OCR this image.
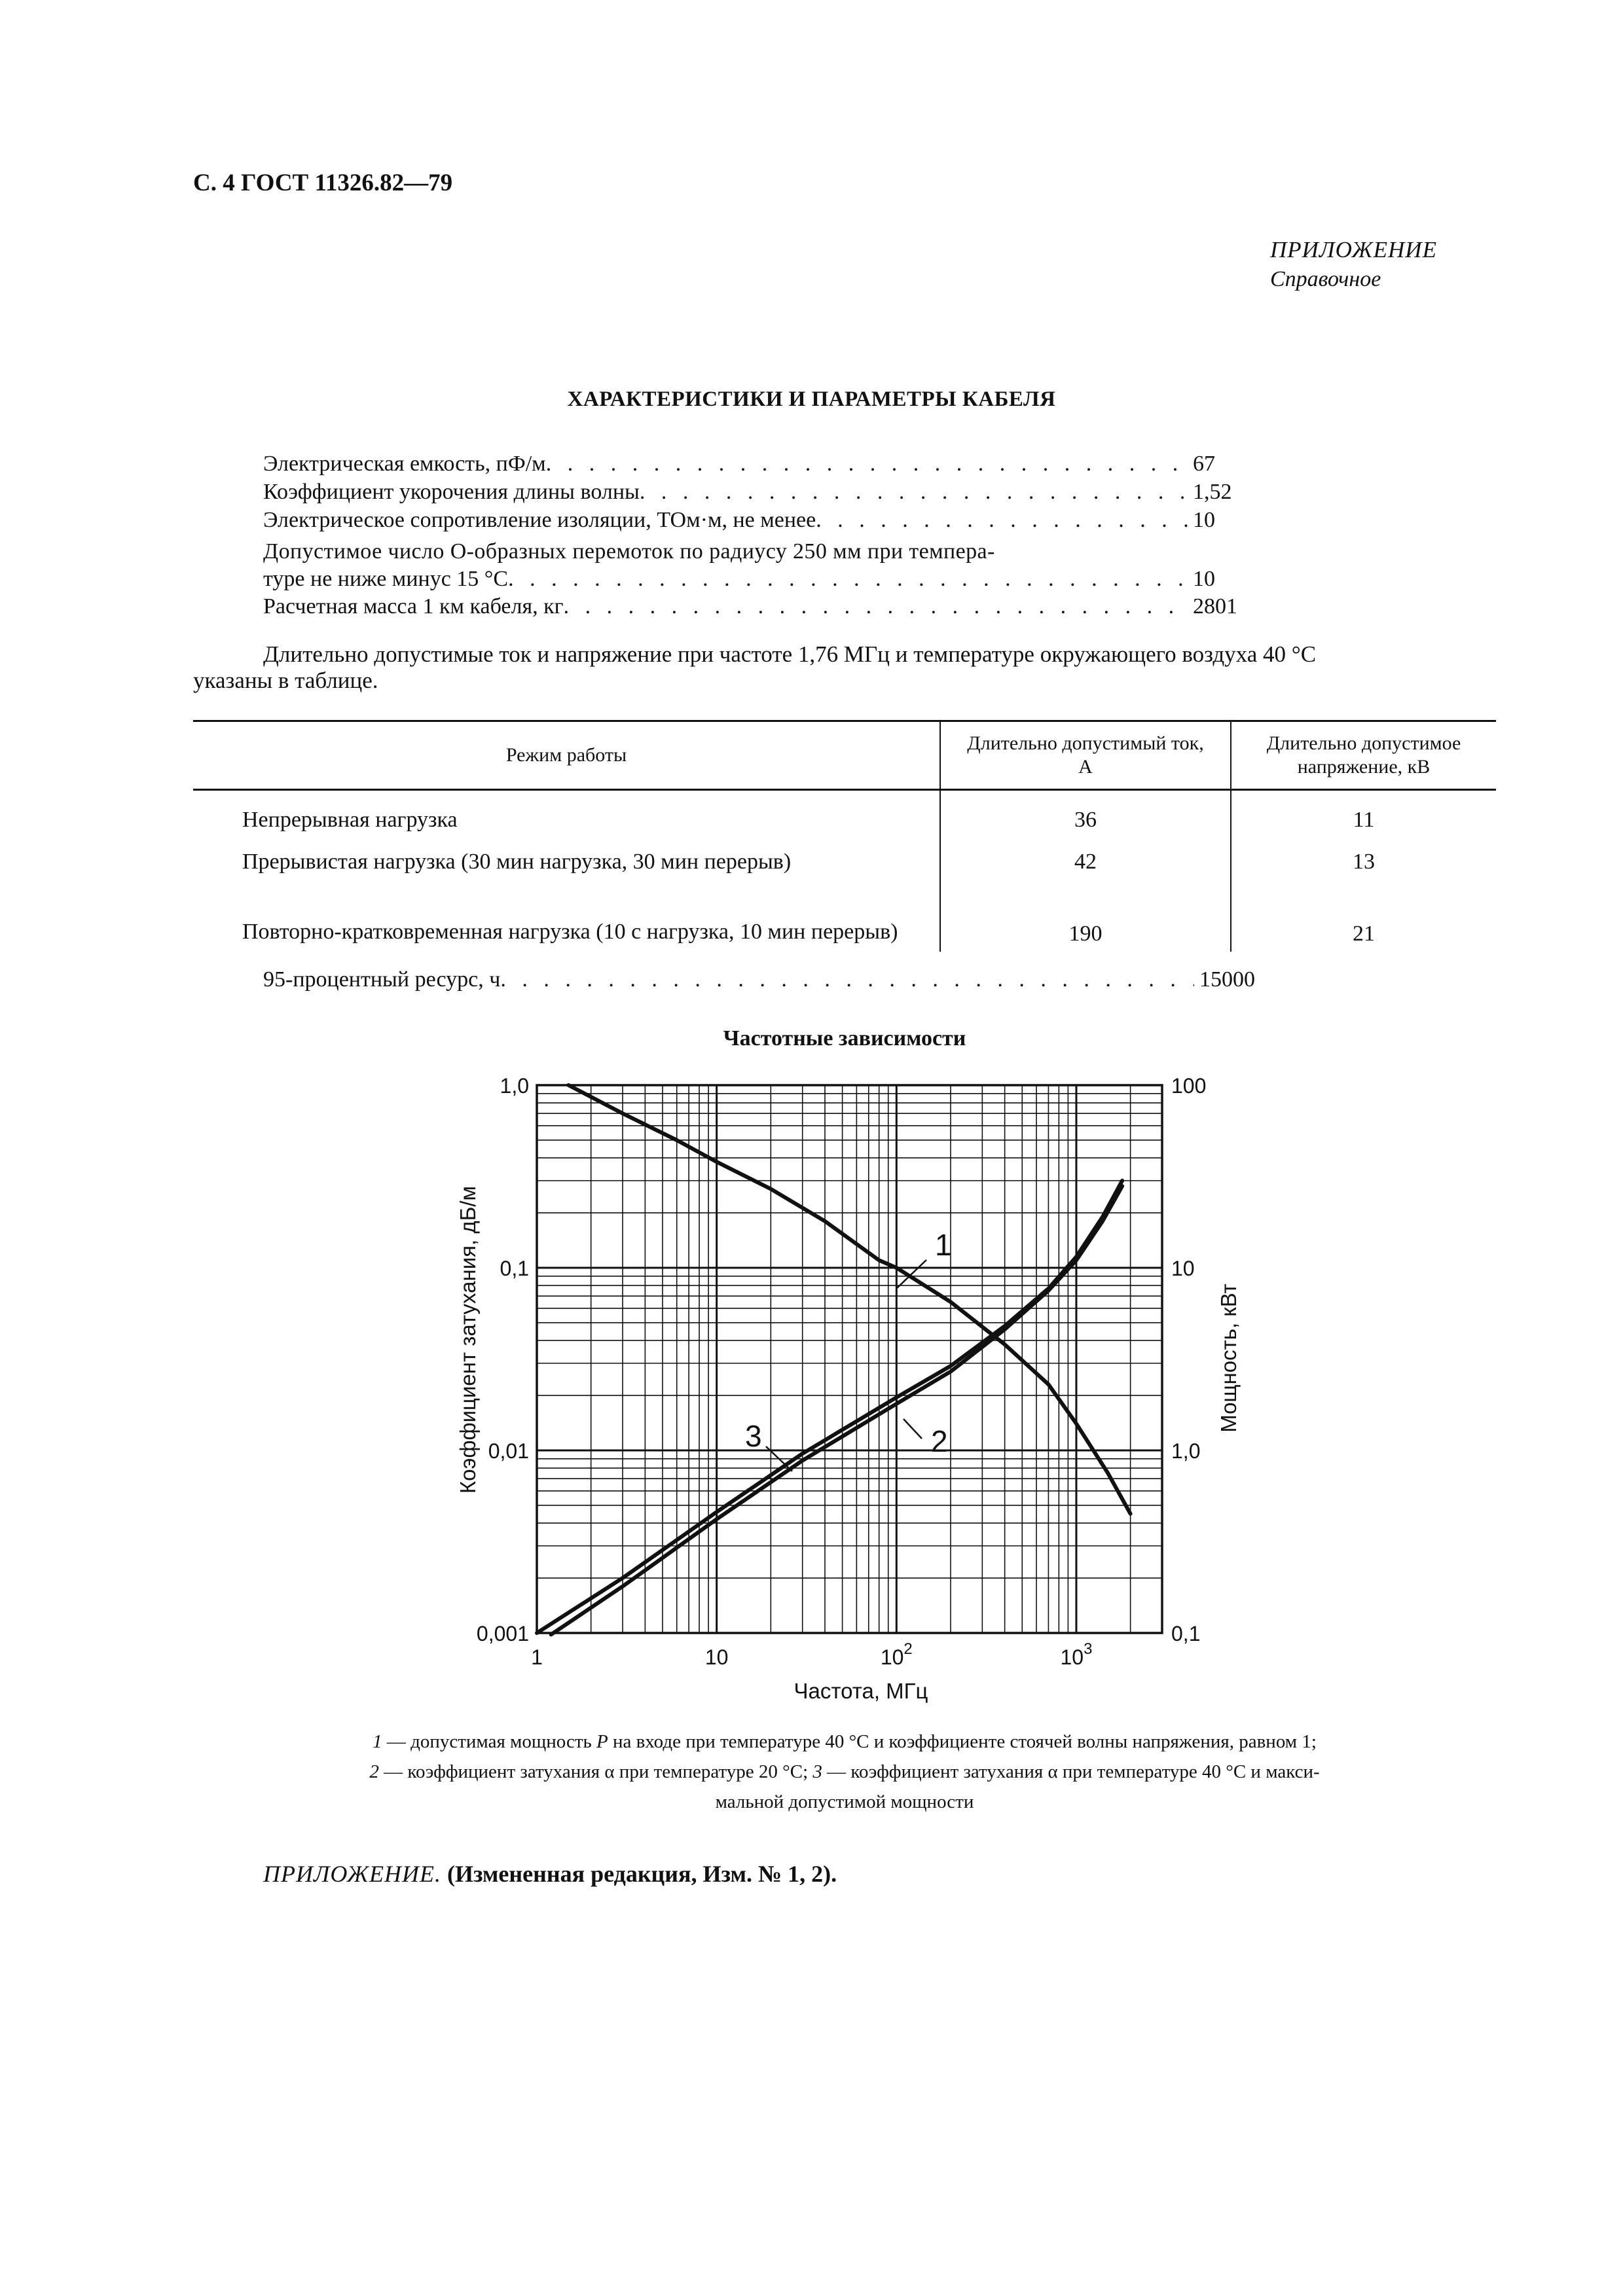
С. 4 ГОСТ 11326.82—79
ПРИЛОЖЕНИЕ
Справочное
ХАРАКТЕРИСТИКИ И ПАРАМЕТРЫ КАБЕЛЯ
Электрическая емкость, пФ/м . . .	67
Коэффициент укорочения длины волны . . .	1,52
Электрическое сопротивление изоляции, ТОм·м, не менее . . .	10
Допустимое число О-образных перемоток по радиусу 250 мм при темпера-
туре не ниже минус 15 °С . . .	10
Расчетная масса 1 км кабеля, кг . . .	2801
Длительно допустимые ток и напряжение при частоте 1,76 МГц и температуре окружающего воздуха 40 °С
указаны в таблице.
Режим работы	Длительно допустимый ток, А	Длительно допустимое напряжение, кВ

Непрерывная нагрузка	36	11

Прерывистая нагрузка (30 мин нагрузка, 30 мин перерыв)	42	13

Повторно-кратковременная нагрузка (10 с нагрузка, 10 мин перерыв)	190	21
95-процентный ресурс, ч . . .	15000
Частотные зависимости
1
2
3
1,0
0,1
0,01
0,001
100
10
1,0
0,1
1	10	$10^2$	$10^3$
Частота, МГц
Коэффициент затухания, дБ/м	Мощность, кВт
1 — допустимая мощность P на входе при температуре 40 °С и коэффициенте стоячей волны напряжения, равном 1;
2 — коэффициент затухания α при температуре 20 °С; 3 — коэффициент затухания α при температуре 40 °С и макси-
мальной допустимой мощности
ПРИЛОЖЕНИЕ. (Измененная редакция, Изм. № 1, 2).
